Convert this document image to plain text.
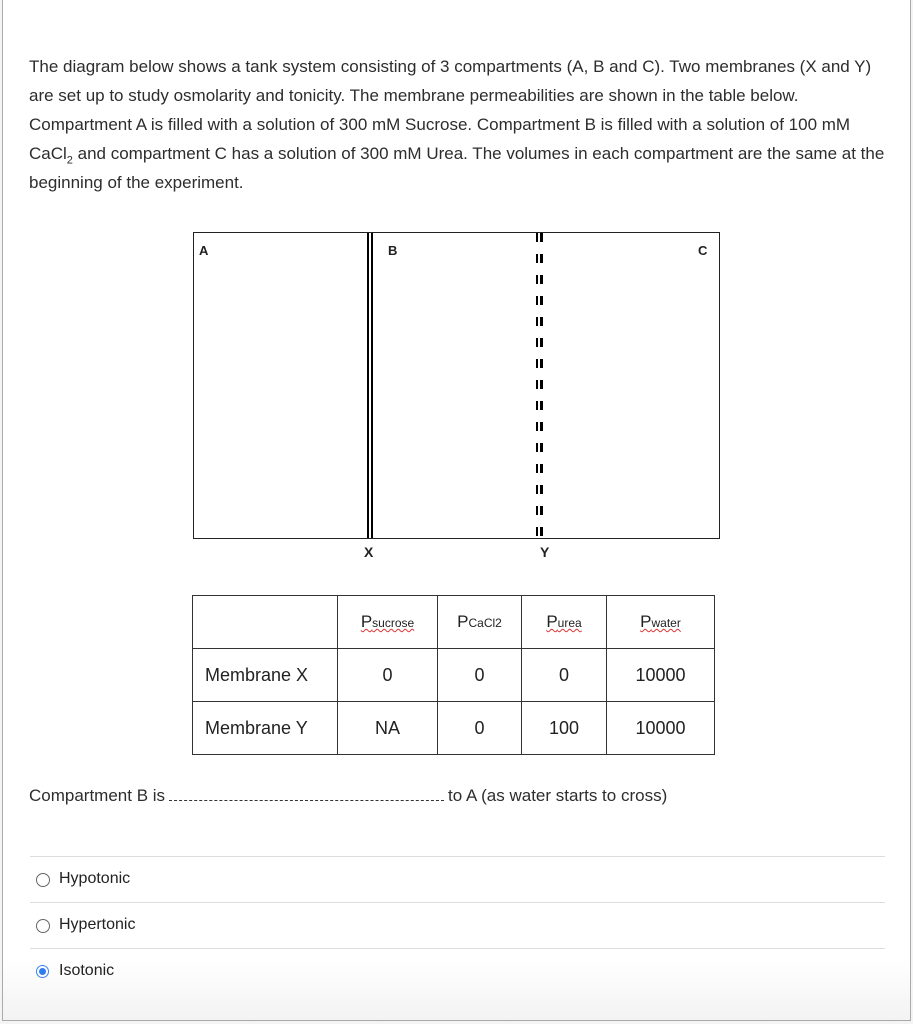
The diagram below shows a tank system consisting of 3 compartments (A, B and C). Two membranes (X and Y) are set up to study osmolarity and tonicity. The membrane permeabilities are shown in the table below. Compartment A is filled with a solution of 300 mM Sucrose. Compartment B is filled with a solution of 100 mM CaCl$_2$ and compartment C has a solution of 300 mM Urea. The volumes in each compartment are the same at the beginning of the experiment.
A	B	C
X	Y
	Psucrose	PCaCl2	Purea	Pwater
Membrane X	0	0	0	10000
Membrane Y	NA	0	100	10000
Compartment B is	to A (as water starts to cross)
Hypotonic
Hypertonic
Isotonic
